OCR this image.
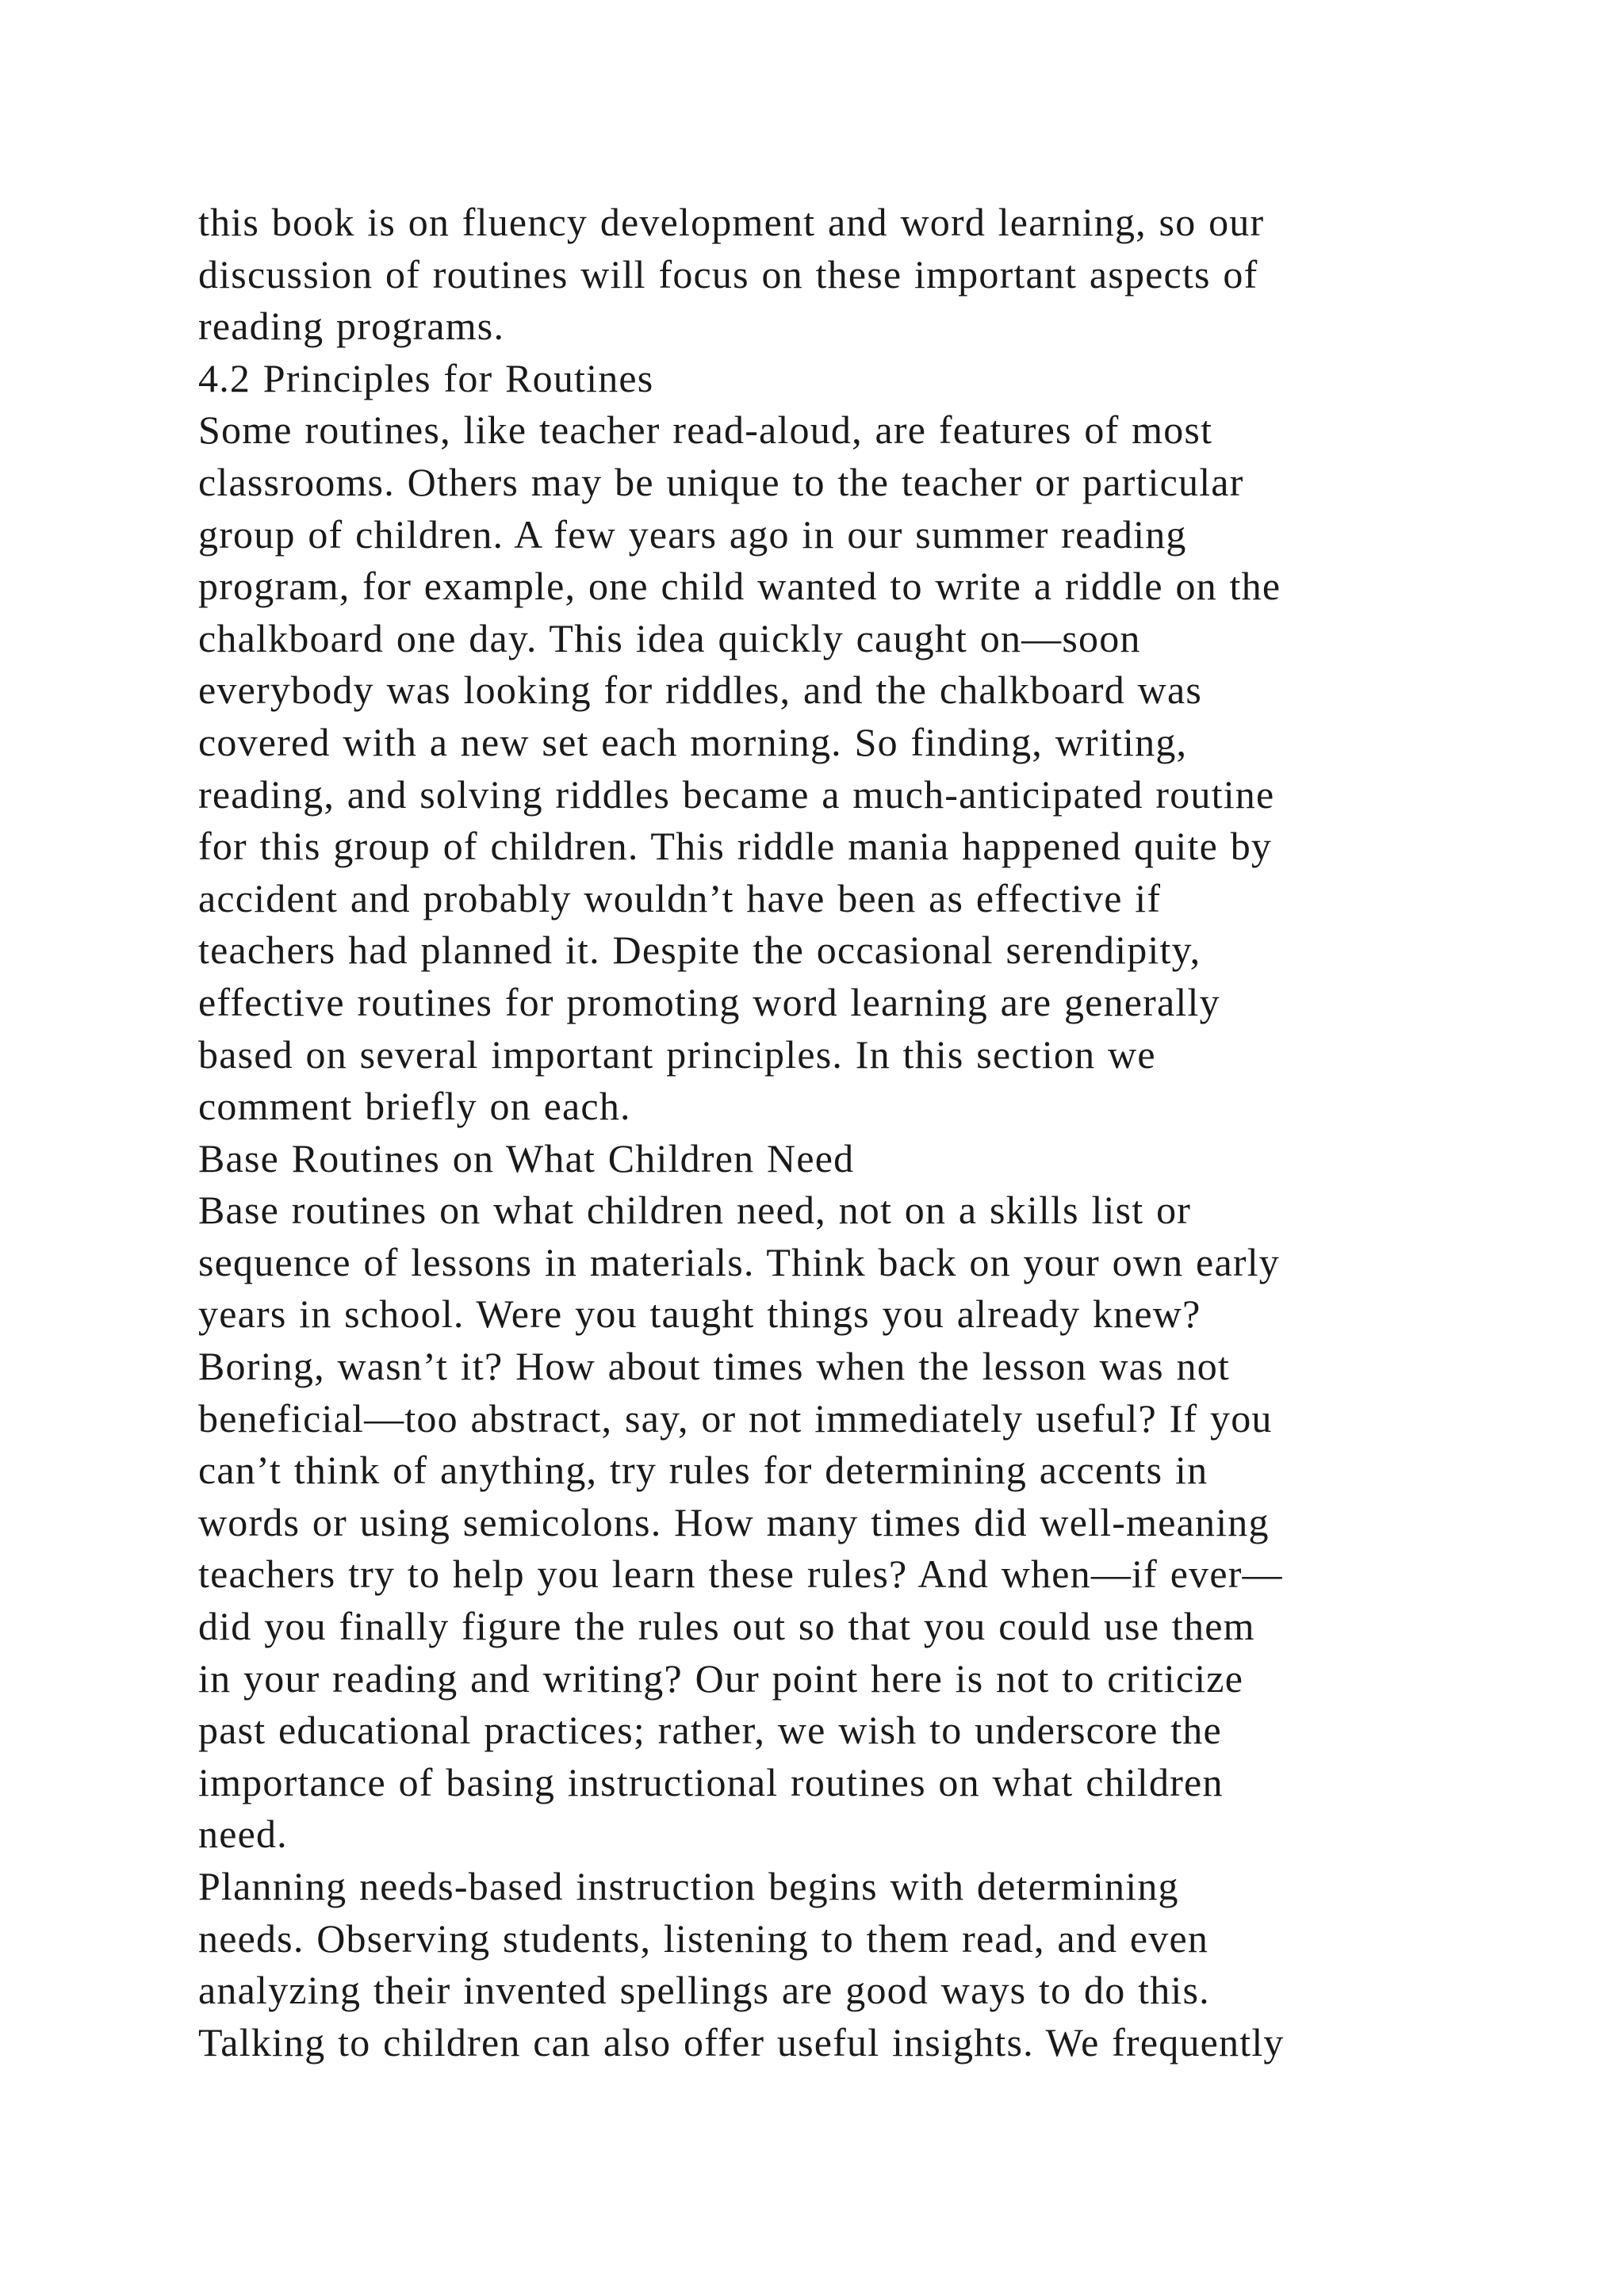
this book is on fluency development and word learning, so our
discussion of routines will focus on these important aspects of
reading programs.
4.2 Principles for Routines
Some routines, like teacher read-aloud, are features of most
classrooms. Others may be unique to the teacher or particular
group of children. A few years ago in our summer reading
program, for example, one child wanted to write a riddle on the
chalkboard one day. This idea quickly caught on—soon
everybody was looking for riddles, and the chalkboard was
covered with a new set each morning. So finding, writing,
reading, and solving riddles became a much-anticipated routine
for this group of children. This riddle mania happened quite by
accident and probably wouldn’t have been as effective if
teachers had planned it. Despite the occasional serendipity,
effective routines for promoting word learning are generally
based on several important principles. In this section we
comment briefly on each.
Base Routines on What Children Need
Base routines on what children need, not on a skills list or
sequence of lessons in materials. Think back on your own early
years in school. Were you taught things you already knew?
Boring, wasn’t it? How about times when the lesson was not
beneficial—too abstract, say, or not immediately useful? If you
can’t think of anything, try rules for determining accents in
words or using semicolons. How many times did well-meaning
teachers try to help you learn these rules? And when—if ever—
did you finally figure the rules out so that you could use them
in your reading and writing? Our point here is not to criticize
past educational practices; rather, we wish to underscore the
importance of basing instructional routines on what children
need.
Planning needs-based instruction begins with determining
needs. Observing students, listening to them read, and even
analyzing their invented spellings are good ways to do this.
Talking to children can also offer useful insights. We frequently
